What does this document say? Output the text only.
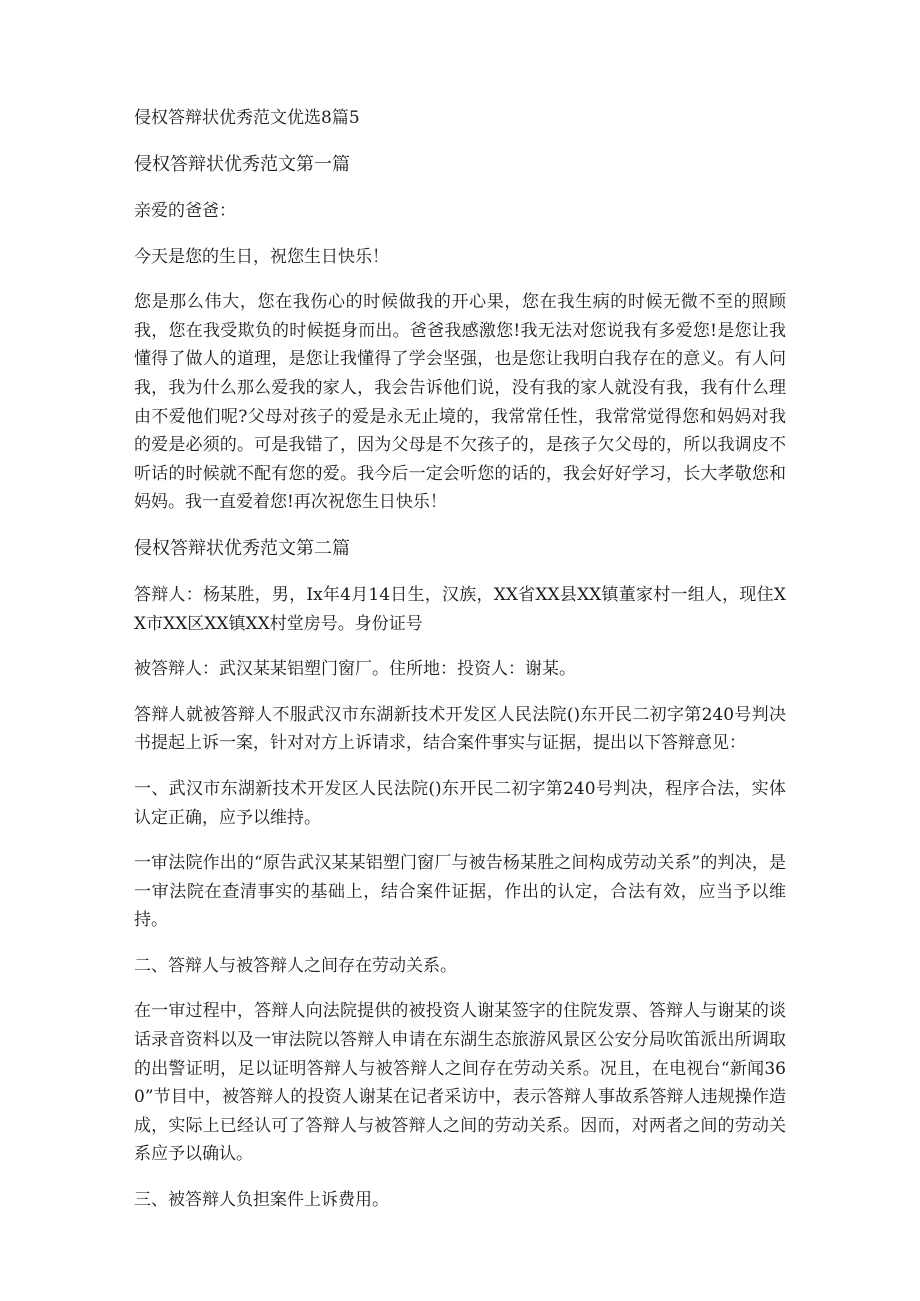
侵权答辩状优秀范文优选8篇5
侵权答辩状优秀范文第一篇

亲爱的爸爸：

今天是您的生日，祝您生日快乐！

您是那么伟大，您在我伤心的时候做我的开心果，您在我生病的时候无微不至的照顾我，您在我受欺负的时候挺身而出。爸爸我感激您!我无法对您说我有多爱您!是您让我懂得了做人的道理，是您让我懂得了学会坚强，也是您让我明白我存在的意义。有人问我，我为什么那么爱我的家人，我会告诉他们说，没有我的家人就没有我，我有什么理由不爱他们呢?父母对孩子的爱是永无止境的，我常常任性，我常常觉得您和妈妈对我的爱是必须的。可是我错了，因为父母是不欠孩子的，是孩子欠父母的，所以我调皮不听话的时候就不配有您的爱。我今后一定会听您的话的，我会好好学习，长大孝敬您和妈妈。我一直爱着您!再次祝您生日快乐！

侵权答辩状优秀范文第二篇

答辩人：杨某胜，男，Ix年4月14日生，汉族，XX省XX县XX镇董家村一组人，现住XX市XX区XX镇XX村堂房号。身份证号

被答辩人：武汉某某铝塑门窗厂。住所地：投资人：谢某。

答辩人就被答辩人不服武汉市东湖新技术开发区人民法院()东开民二初字第240号判决书提起上诉一案，针对对方上诉请求，结合案件事实与证据，提出以下答辩意见：

一、武汉市东湖新技术开发区人民法院()东开民二初字第240号判决，程序合法，实体认定正确，应予以维持。

一审法院作出的“原告武汉某某铝塑门窗厂与被告杨某胜之间构成劳动关系”的判决，是一审法院在查清事实的基础上，结合案件证据，作出的认定，合法有效，应当予以维持。

二、答辩人与被答辩人之间存在劳动关系。

在一审过程中，答辩人向法院提供的被投资人谢某签字的住院发票、答辩人与谢某的谈话录音资料以及一审法院以答辩人申请在东湖生态旅游风景区公安分局吹笛派出所调取的出警证明，足以证明答辩人与被答辩人之间存在劳动关系。况且，在电视台“新闻360”节目中，被答辩人的投资人谢某在记者采访中，表示答辩人事故系答辩人违规操作造成，实际上已经认可了答辩人与被答辩人之间的劳动关系。因而，对两者之间的劳动关系应予以确认。

三、被答辩人负担案件上诉费用。
